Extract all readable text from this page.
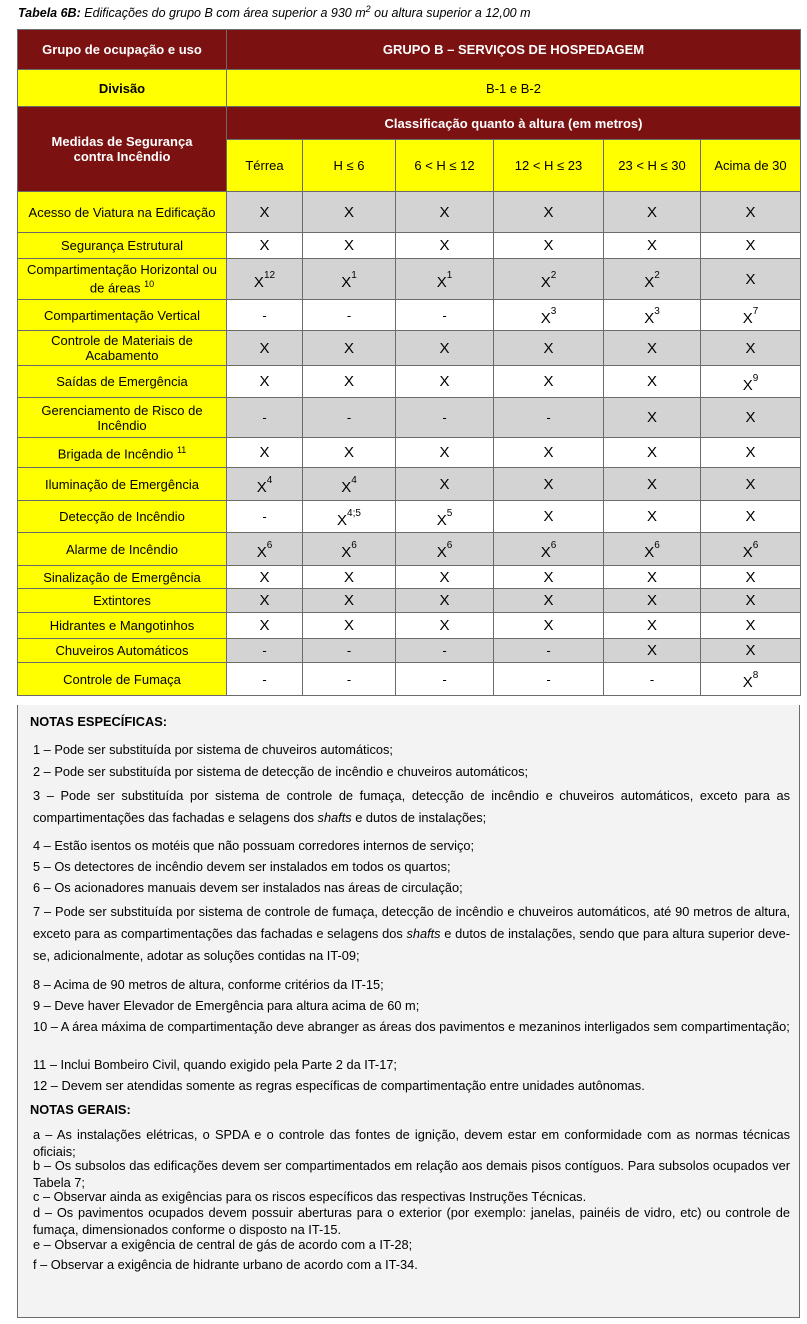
Tabela 6B: Edificações do grupo B com área superior a 930 $m^2$ ou altura superior a 12,00 m
Grupo de ocupação e uso	GRUPO B – SERVIÇOS DE HOSPEDAGEM					
Divisão	B-1 e B-2					
Medidas de Segurança contra Incêndio	Classificação quanto à altura (em metros)					
	Térrea	H ≤ 6	6 < H ≤ 12	12 < H ≤ 23	23 < H ≤ 30	Acima de 30
Acesso de Viatura na Edificação	X	X	X	X	X	X
Segurança Estrutural	X	X	X	X	X	X
Compartimentação Horizontal ou de áreas $^{10}$	$X^{12}$	$X^1$	$X^1$	$X^2$	$X^2$	X
Compartimentação Vertical	-	-	-	$X^3$	$X^3$	$X^7$
Controle de Materiais de Acabamento	X	X	X	X	X	X
Saídas de Emergência	X	X	X	X	X	$X^9$
Gerenciamento de Risco de Incêndio	-	-	-	-	X	X
Brigada de Incêndio $^{11}$	X	X	X	X	X	X
Iluminação de Emergência	$X^4$	$X^4$	X	X	X	X
Detecção de Incêndio	-	$X^{4;5}$	$X^5$	X	X	X
Alarme de Incêndio	$X^6$	$X^6$	$X^6$	$X^6$	$X^6$	$X^6$
Sinalização de Emergência	X	X	X	X	X	X
Extintores	X	X	X	X	X	X
Hidrantes e Mangotinhos	X	X	X	X	X	X
Chuveiros Automáticos	-	-	-	-	X	X
Controle de Fumaça	-	-	-	-	-	$X^8$
NOTAS ESPECÍFICAS:
1 – Pode ser substituída por sistema de chuveiros automáticos;
2 – Pode ser substituída por sistema de detecção de incêndio e chuveiros automáticos;
3 – Pode ser substituída por sistema de controle de fumaça, detecção de incêndio e chuveiros automáticos, exceto para as compartimentações das fachadas e selagens dos shafts e dutos de instalações;
4 – Estão isentos os motéis que não possuam corredores internos de serviço;
5 – Os detectores de incêndio devem ser instalados em todos os quartos;
6 – Os acionadores manuais devem ser instalados nas áreas de circulação;
7 – Pode ser substituída por sistema de controle de fumaça, detecção de incêndio e chuveiros automáticos, até 90 metros de altura, exceto para as compartimentações das fachadas e selagens dos shafts e dutos de instalações, sendo que para altura superior deve-se, adicionalmente, adotar as soluções contidas na IT-09;
8 – Acima de 90 metros de altura, conforme critérios da IT-15;
9 – Deve haver Elevador de Emergência para altura acima de 60 m;
10 – A área máxima de compartimentação deve abranger as áreas dos pavimentos e mezaninos interligados sem compartimentação;
11 – Inclui Bombeiro Civil, quando exigido pela Parte 2 da IT-17;
12 – Devem ser atendidas somente as regras específicas de compartimentação entre unidades autônomas.
NOTAS GERAIS:
a – As instalações elétricas, o SPDA e o controle das fontes de ignição, devem estar em conformidade com as normas técnicas oficiais;
b – Os subsolos das edificações devem ser compartimentados em relação aos demais pisos contíguos. Para subsolos ocupados ver Tabela 7;
c – Observar ainda as exigências para os riscos específicos das respectivas Instruções Técnicas.
d – Os pavimentos ocupados devem possuir aberturas para o exterior (por exemplo: janelas, painéis de vidro, etc) ou controle de fumaça, dimensionados conforme o disposto na IT-15.
e – Observar a exigência de central de gás de acordo com a IT-28;
f – Observar a exigência de hidrante urbano de acordo com a IT-34.
